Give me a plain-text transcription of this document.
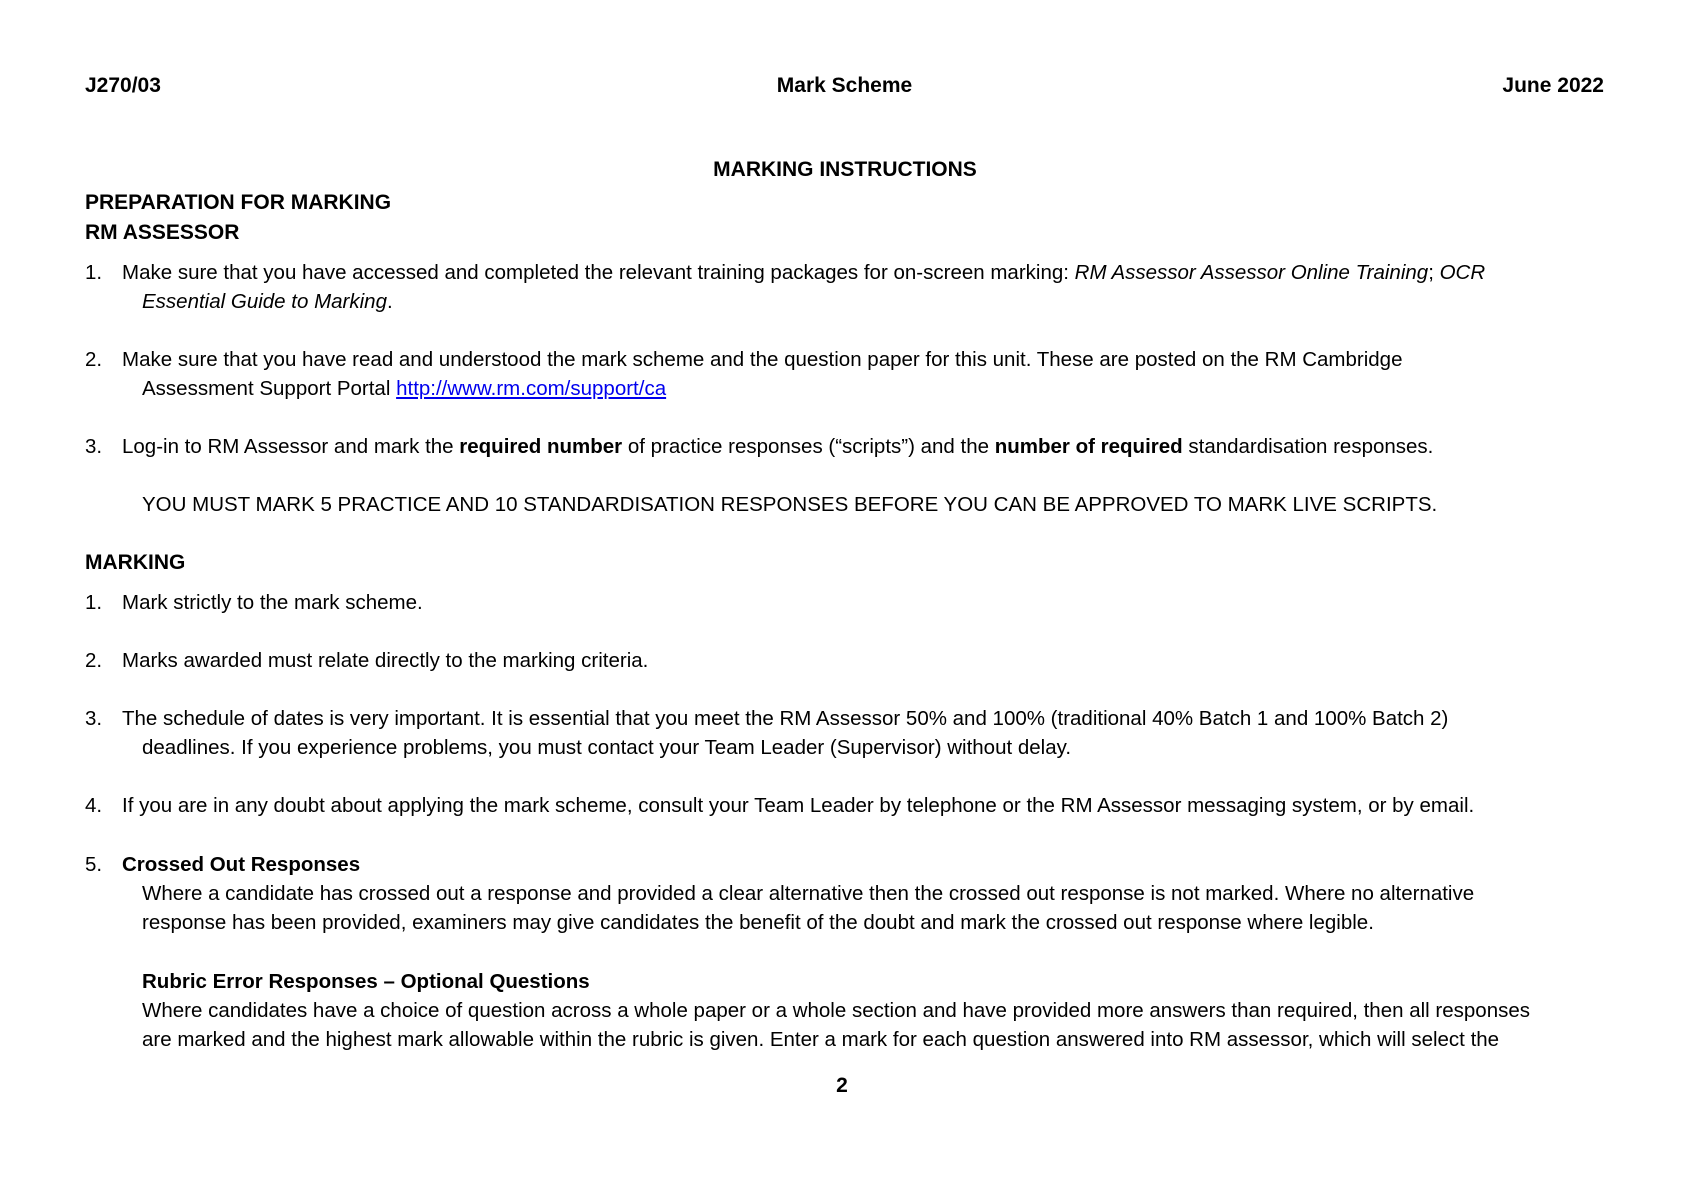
J270/03	Mark Scheme	June 2022
MARKING INSTRUCTIONS
PREPARATION FOR MARKING
RM ASSESSOR
1. Make sure that you have accessed and completed the relevant training packages for on-screen marking: RM Assessor Assessor Online Training; OCR
Essential Guide to Marking.
2. Make sure that you have read and understood the mark scheme and the question paper for this unit. These are posted on the RM Cambridge
Assessment Support Portal http://www.rm.com/support/ca
3. Log-in to RM Assessor and mark the required number of practice responses (“scripts”) and the number of required standardisation responses.
YOU MUST MARK 5 PRACTICE AND 10 STANDARDISATION RESPONSES BEFORE YOU CAN BE APPROVED TO MARK LIVE SCRIPTS.
MARKING
1. Mark strictly to the mark scheme.
2. Marks awarded must relate directly to the marking criteria.
3. The schedule of dates is very important. It is essential that you meet the RM Assessor 50% and 100% (traditional 40% Batch 1 and 100% Batch 2)
deadlines. If you experience problems, you must contact your Team Leader (Supervisor) without delay.
4. If you are in any doubt about applying the mark scheme, consult your Team Leader by telephone or the RM Assessor messaging system, or by email.
5. Crossed Out Responses
Where a candidate has crossed out a response and provided a clear alternative then the crossed out response is not marked. Where no alternative
response has been provided, examiners may give candidates the benefit of the doubt and mark the crossed out response where legible.
Rubric Error Responses – Optional Questions
Where candidates have a choice of question across a whole paper or a whole section and have provided more answers than required, then all responses
are marked and the highest mark allowable within the rubric is given. Enter a mark for each question answered into RM assessor, which will select the
2
